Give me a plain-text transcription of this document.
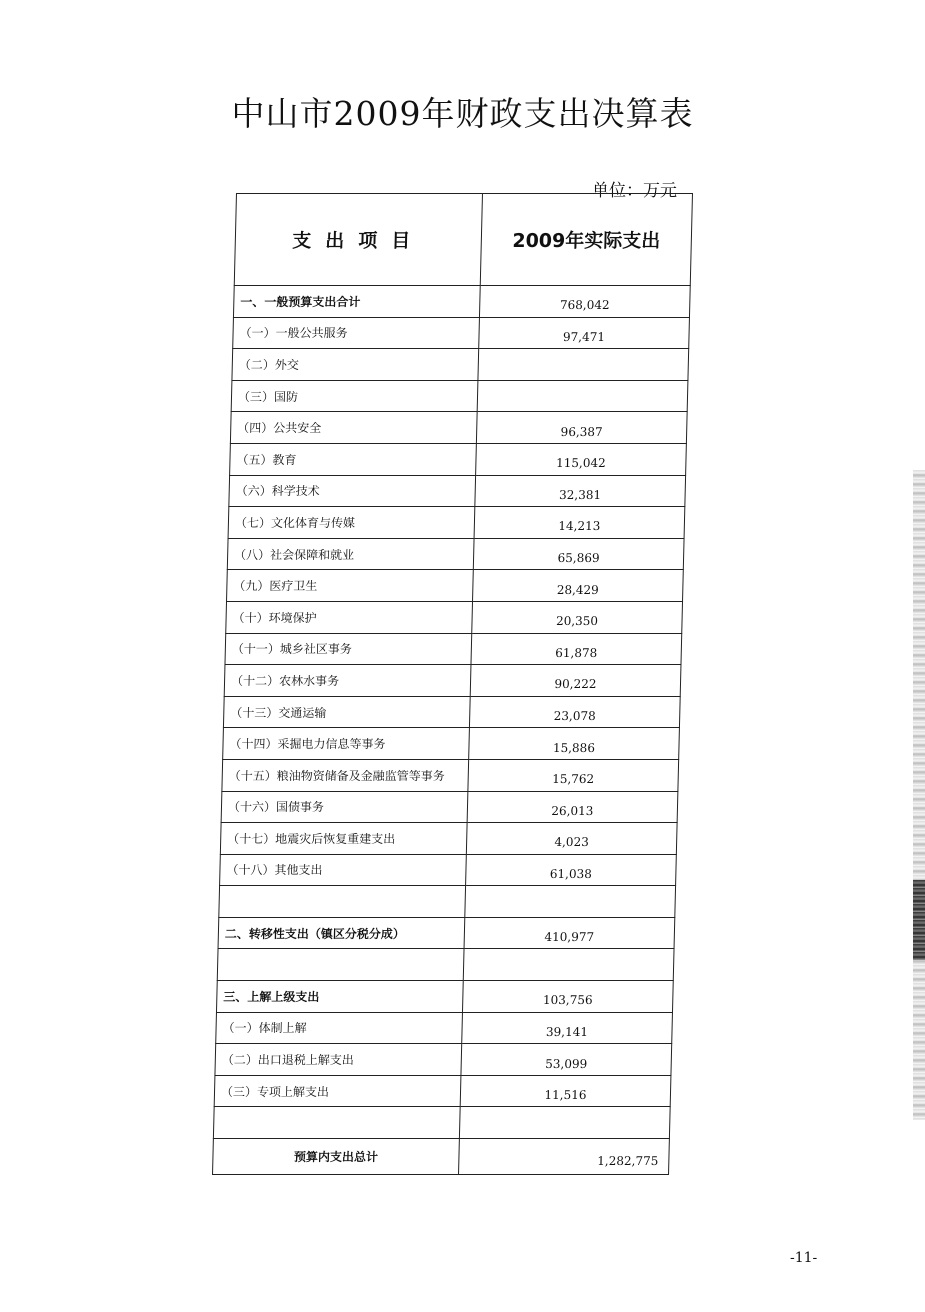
中山市2009年财政支出决算表
单位：万元
支出项目	2009年实际支出
一、一般预算支出合计	768,042
（一）一般公共服务	97,471
（二）外交	
（三）国防	
（四）公共安全	96,387
（五）教育	115,042
（六）科学技术	32,381
（七）文化体育与传媒	14,213
（八）社会保障和就业	65,869
（九）医疗卫生	28,429
（十）环境保护	20,350
（十一）城乡社区事务	61,878
（十二）农林水事务	90,222
（十三）交通运输	23,078
（十四）采掘电力信息等事务	15,886
（十五）粮油物资储备及金融监管等事务	15,762
（十六）国债事务	26,013
（十七）地震灾后恢复重建支出	4,023
（十八）其他支出	61,038

二、转移性支出（镇区分税分成）	410,977

三、上解上级支出	103,756
（一）体制上解	39,141
（二）出口退税上解支出	53,099
（三）专项上解支出	11,516

预算内支出总计	1,282,775
-11-
